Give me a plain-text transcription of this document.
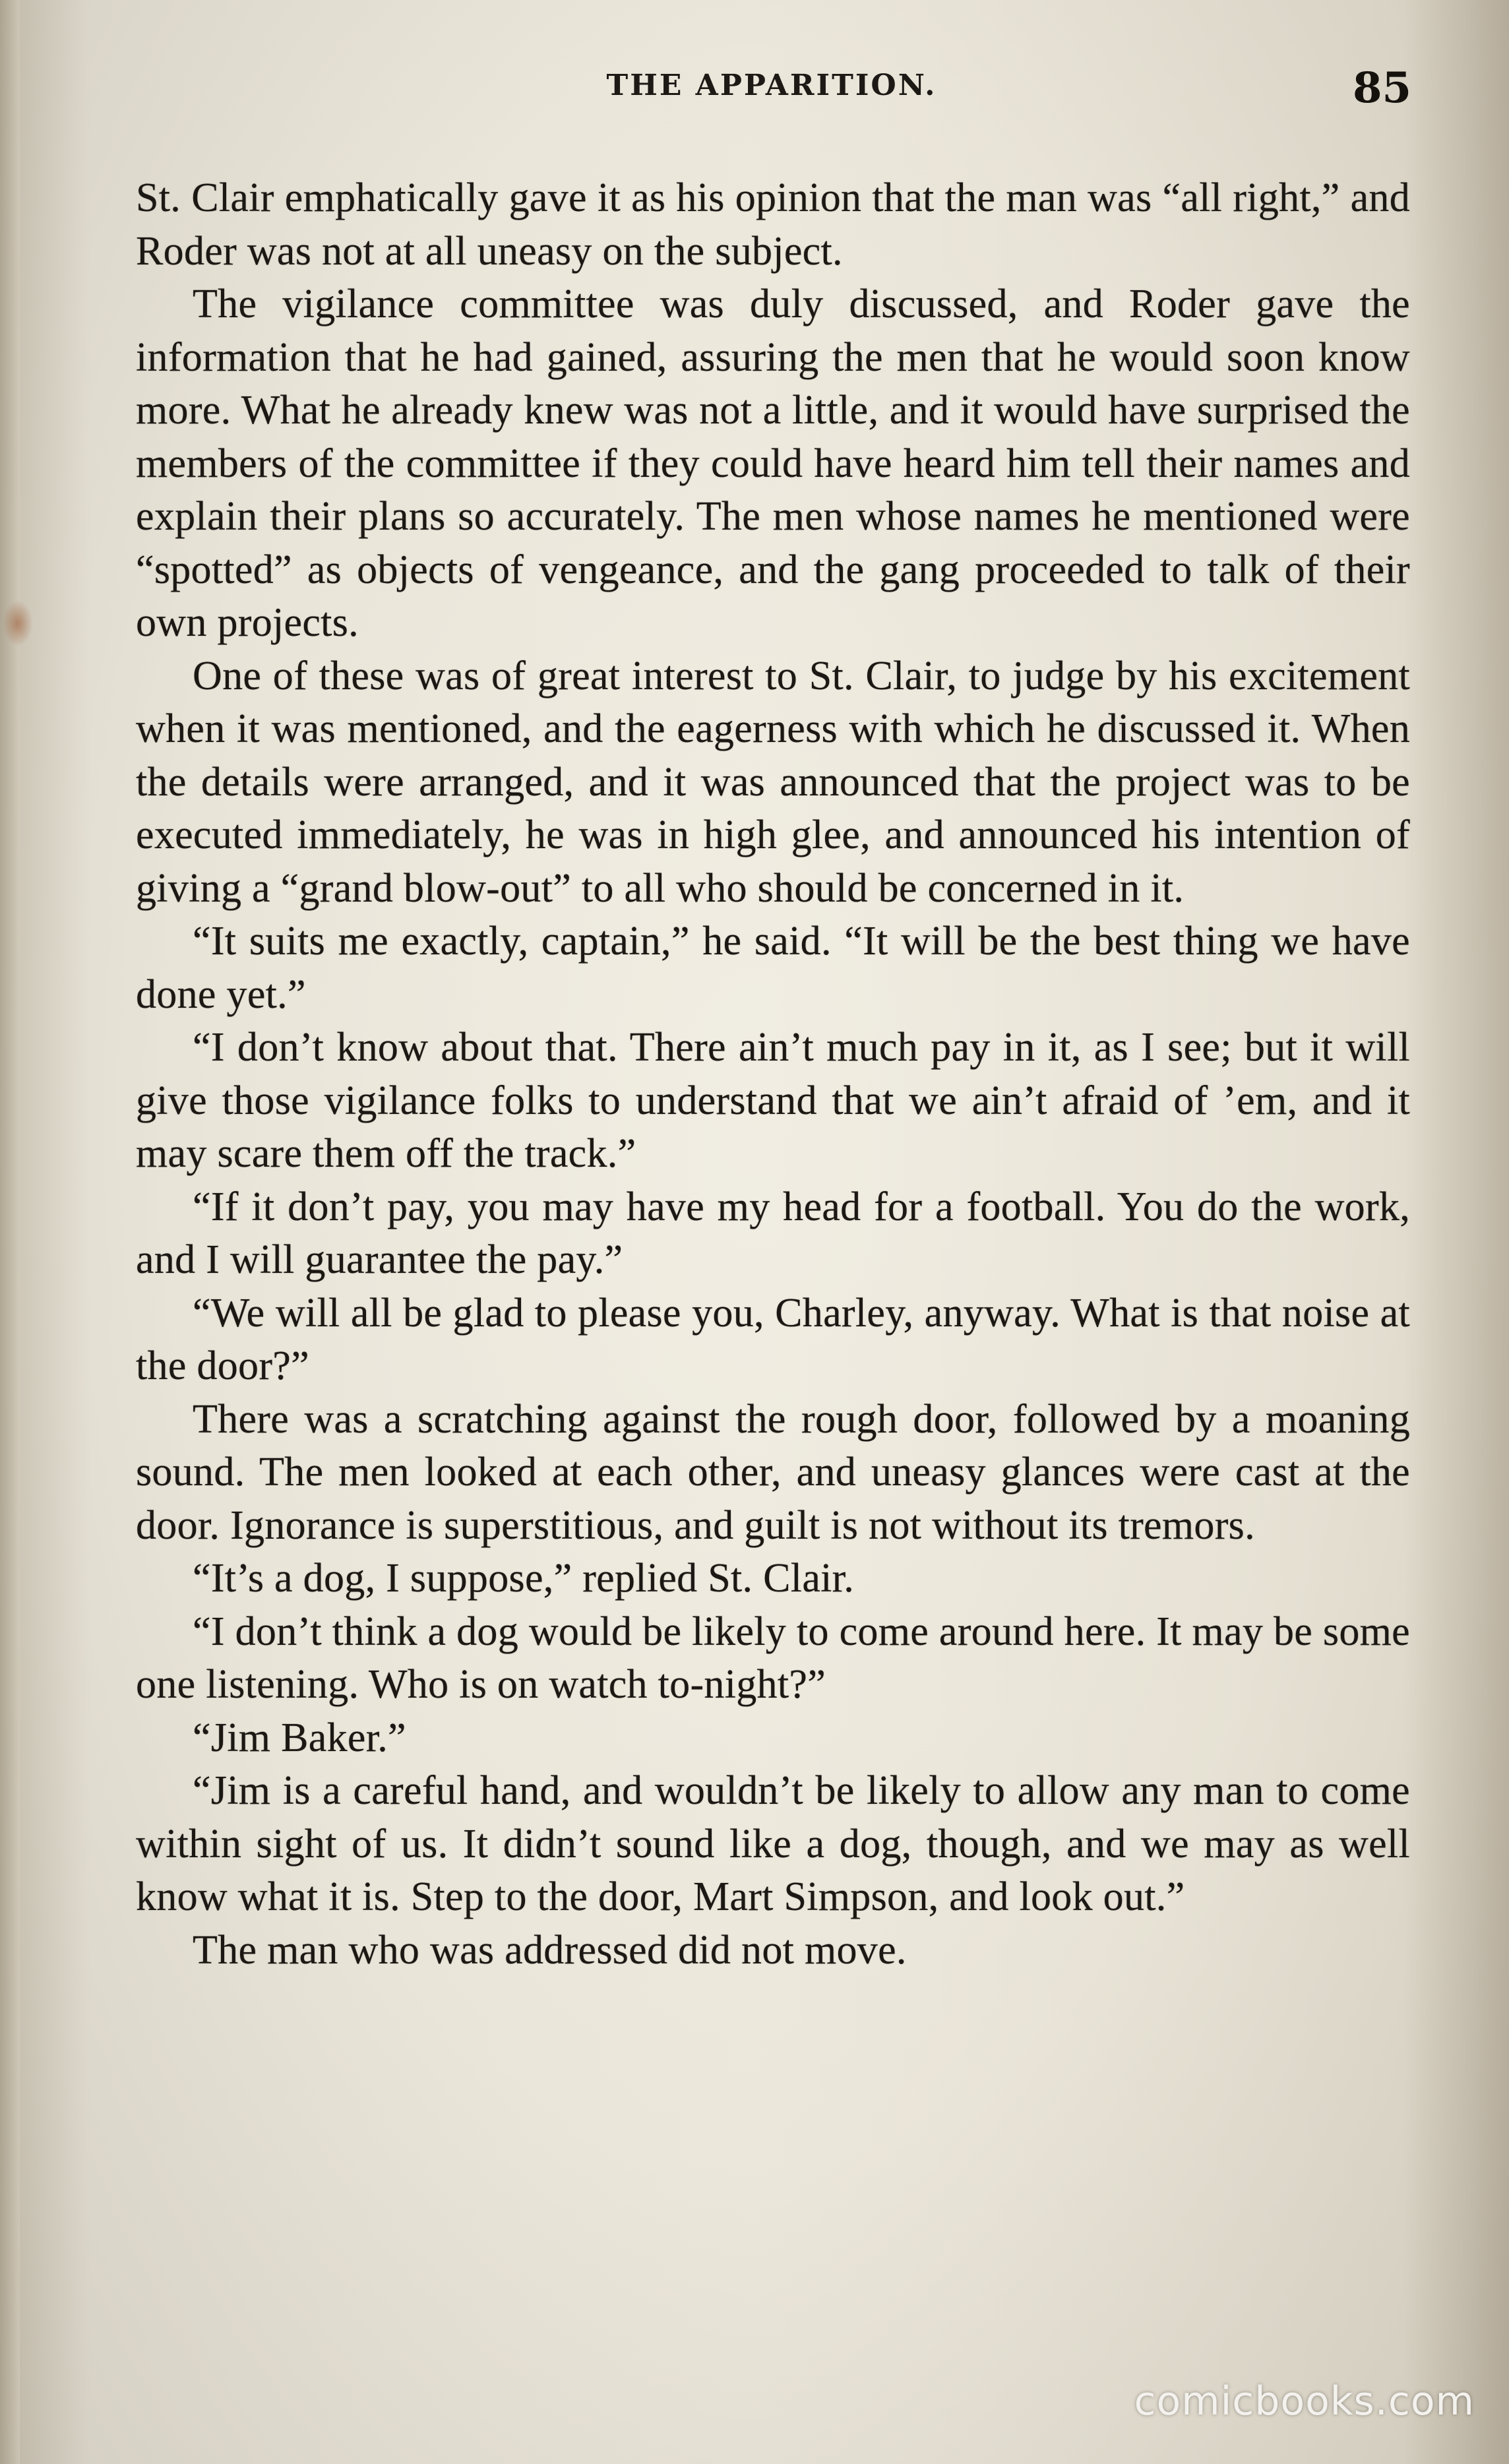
THE APPARITION.	85

St. Clair emphatically gave it as his opinion that the man was “all right,” and Roder was not at all uneasy on the subject.

The vigilance committee was duly discussed, and Roder gave the information that he had gained, assuring the men that he would soon know more. What he already knew was not a little, and it would have surprised the members of the committee if they could have heard him tell their names and explain their plans so accurately. The men whose names he mentioned were “spotted” as objects of vengeance, and the gang proceeded to talk of their own projects.

One of these was of great interest to St. Clair, to judge by his excitement when it was mentioned, and the eagerness with which he discussed it. When the details were arranged, and it was announced that the project was to be executed immediately, he was in high glee, and announced his intention of giving a “grand blow-out” to all who should be concerned in it.

“It suits me exactly, captain,” he said. “It will be the best thing we have done yet.”

“I don’t know about that. There ain’t much pay in it, as I see; but it will give those vigilance folks to understand that we ain’t afraid of ’em, and it may scare them off the track.”

“If it don’t pay, you may have my head for a football. You do the work, and I will guarantee the pay.”

“We will all be glad to please you, Charley, anyway. What is that noise at the door?”

There was a scratching against the rough door, followed by a moaning sound. The men looked at each other, and uneasy glances were cast at the door. Ignorance is superstitious, and guilt is not without its tremors.

“It’s a dog, I suppose,” replied St. Clair.

“I don’t think a dog would be likely to come around here. It may be some one listening. Who is on watch to-night?”

“Jim Baker.”

“Jim is a careful hand, and wouldn’t be likely to allow any man to come within sight of us. It didn’t sound like a dog, though, and we may as well know what it is. Step to the door, Mart Simpson, and look out.”

The man who was addressed did not move.

comicbooks.com
